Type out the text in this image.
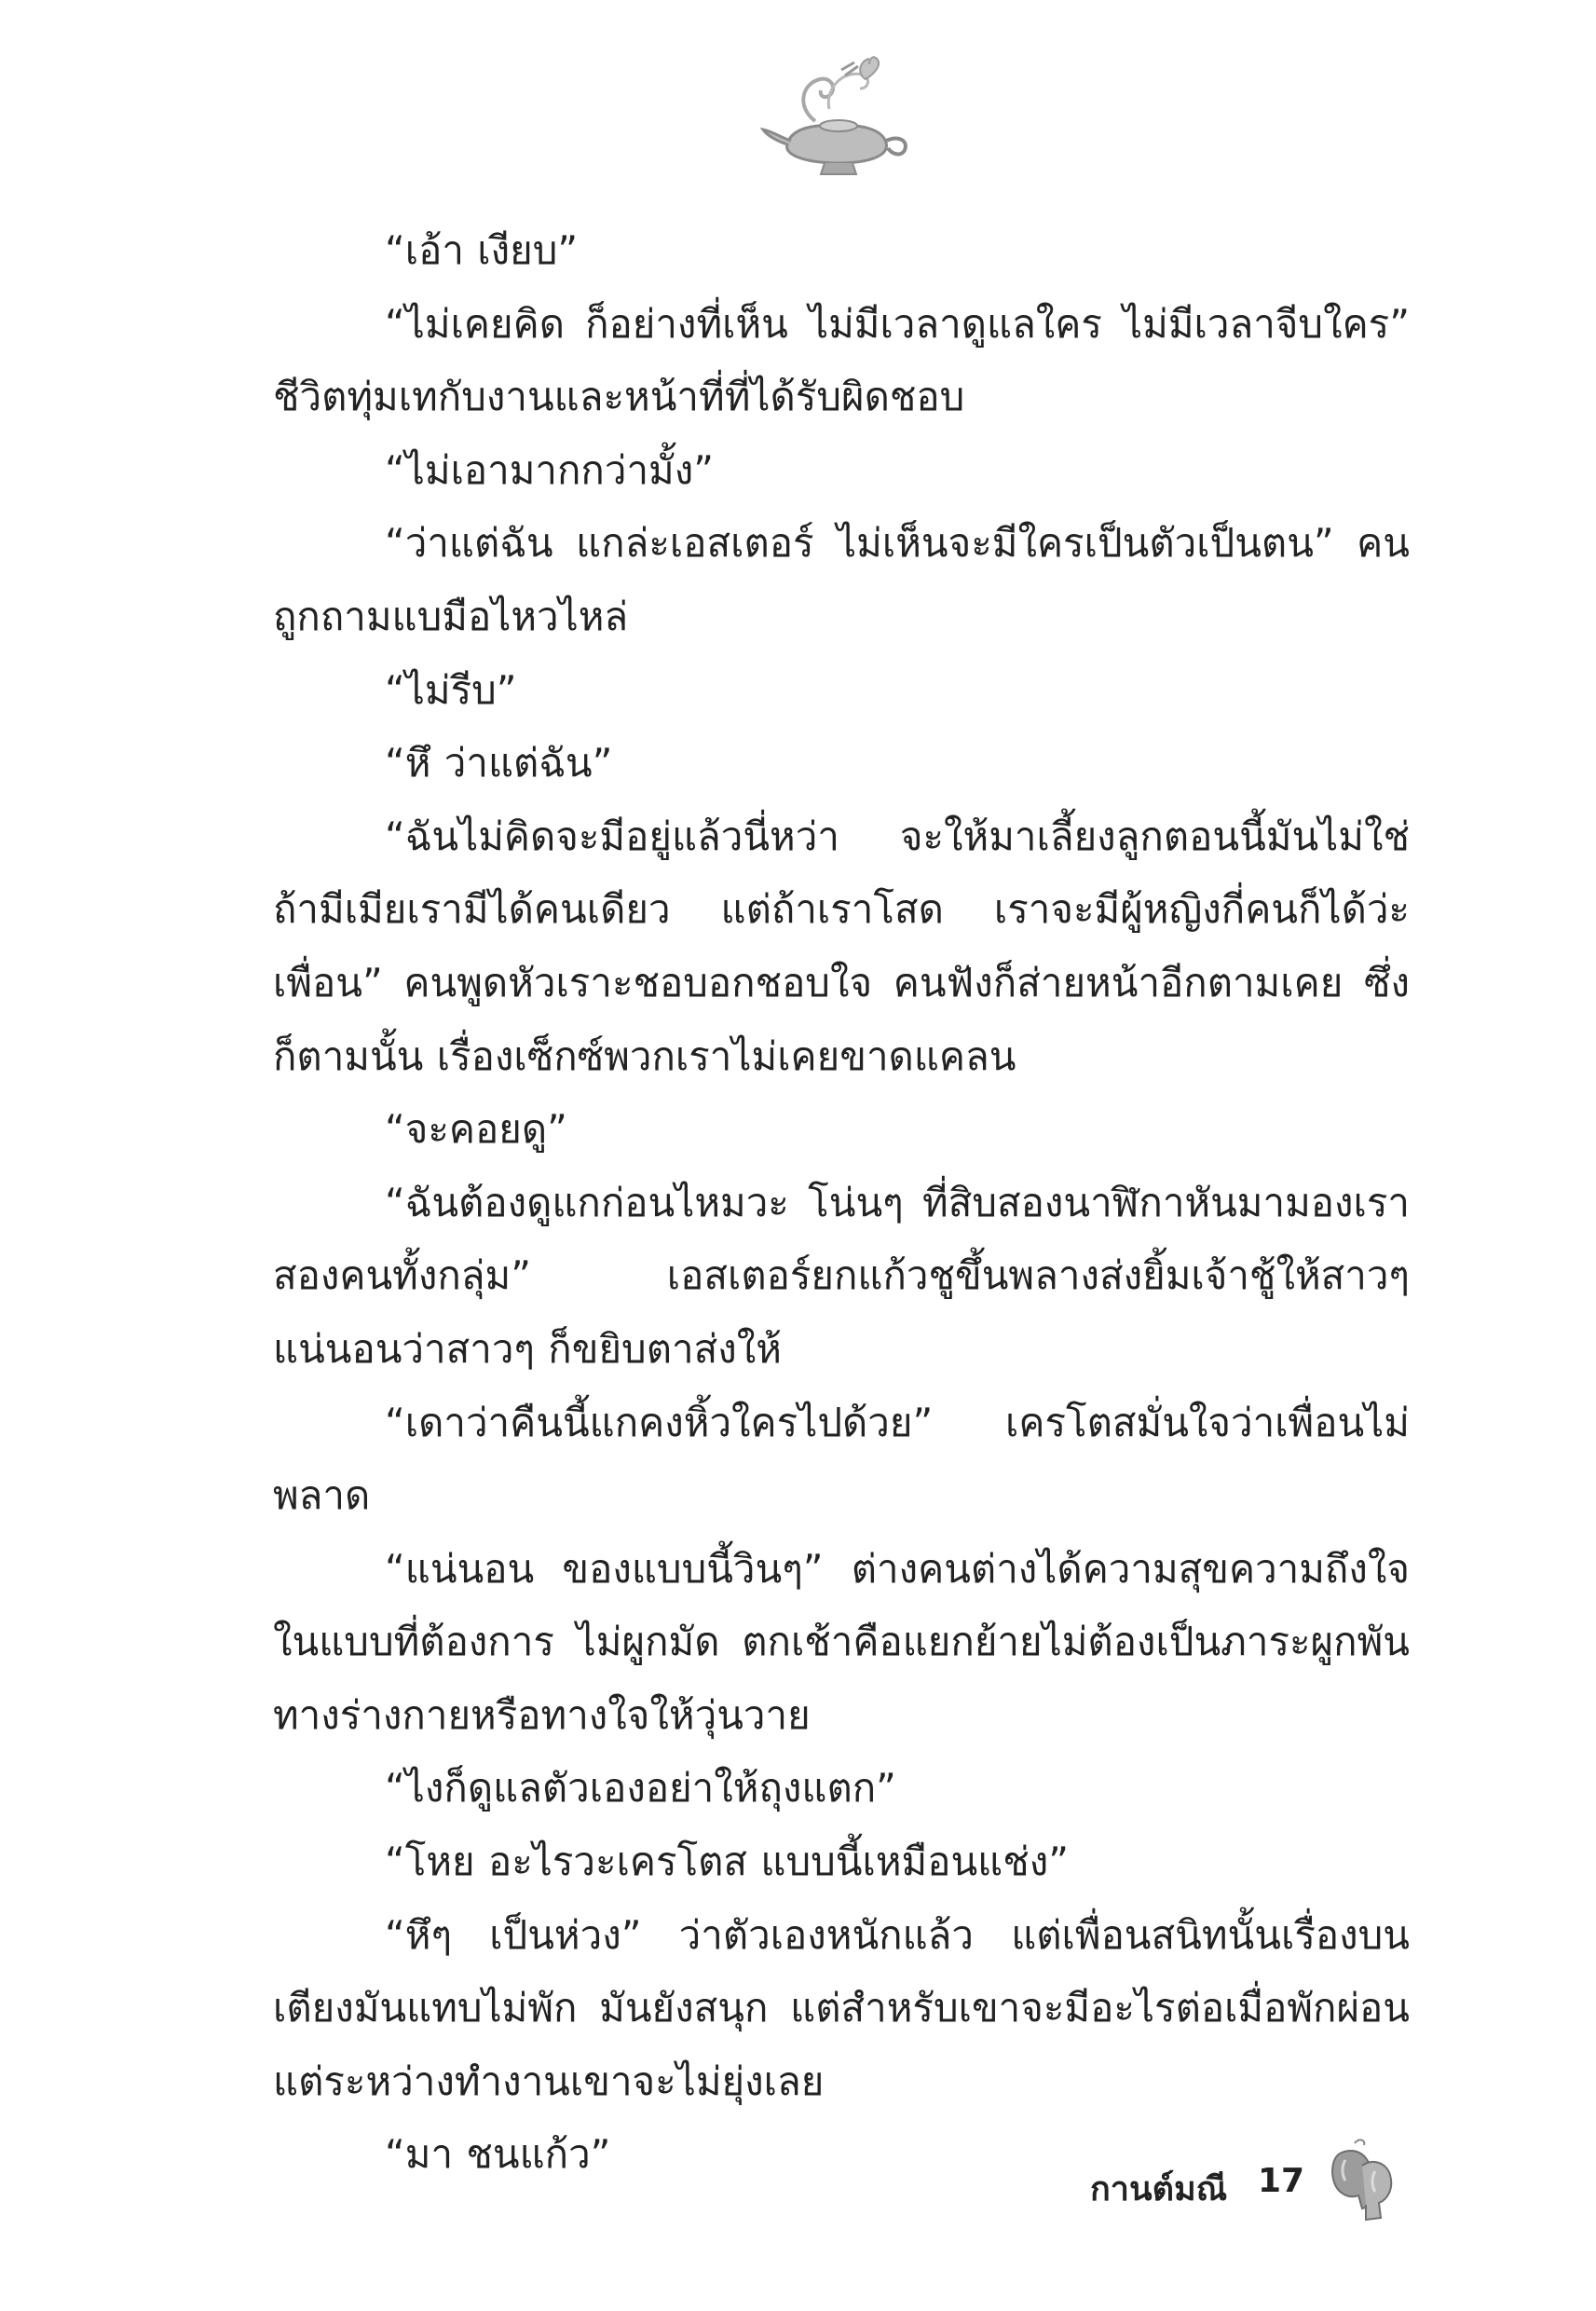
“เอ้า เงียบ”

“ไม่เคยคิด ก็อย่างที่เห็น ไม่มีเวลาดูแลใคร ไม่มีเวลาจีบใคร” ชีวิตทุ่มเทกับงานและหน้าที่ที่ได้รับผิดชอบ

“ไม่เอามากกว่ามั้ง”

“ว่าแต่ฉัน แกล่ะเอสเตอร์ ไม่เห็นจะมีใครเป็นตัวเป็นตน” คนถูกถามแบมือไหวไหล่

“ไม่รีบ”

“หึ ว่าแต่ฉัน”

“ฉันไม่คิดจะมีอยู่แล้วนี่หว่า จะให้มาเลี้ยงลูกตอนนี้มันไม่ใช่ ถ้ามีเมียเรามีได้คนเดียว แต่ถ้าเราโสด เราจะมีผู้หญิงกี่คนก็ได้ว่ะเพื่อน” คนพูดหัวเราะชอบอกชอบใจ คนฟังก็ส่ายหน้าอีกตามเคย ซึ่งก็ตามนั้น เรื่องเซ็กซ์พวกเราไม่เคยขาดแคลน

“จะคอยดู”

“ฉันต้องดูแกก่อนไหมวะ โน่นๆ ที่สิบสองนาฬิกาหันมามองเราสองคนทั้งกลุ่ม” เอสเตอร์ยกแก้วชูขึ้นพลางส่งยิ้มเจ้าชู้ให้สาวๆ แน่นอนว่าสาวๆ ก็ขยิบตาส่งให้

“เดาว่าคืนนี้แกคงหิ้วใครไปด้วย” เครโตสมั่นใจว่าเพื่อนไม่พลาด

“แน่นอน ของแบบนี้วินๆ” ต่างคนต่างได้ความสุขความถึงใจในแบบที่ต้องการ ไม่ผูกมัด ตกเช้าคือแยกย้ายไม่ต้องเป็นภาระผูกพันทางร่างกายหรือทางใจให้วุ่นวาย

“ไงก็ดูแลตัวเองอย่าให้ถุงแตก”

“โหย อะไรวะเครโตส แบบนี้เหมือนแช่ง”

“หึๆ เป็นห่วง” ว่าตัวเองหนักแล้ว แต่เพื่อนสนิทนั้นเรื่องบนเตียงมันแทบไม่พัก มันยังสนุก แต่สำหรับเขาจะมีอะไรต่อเมื่อพักผ่อน แต่ระหว่างทำงานเขาจะไม่ยุ่งเลย

“มา ชนแก้ว”

กานต์มณี 17
